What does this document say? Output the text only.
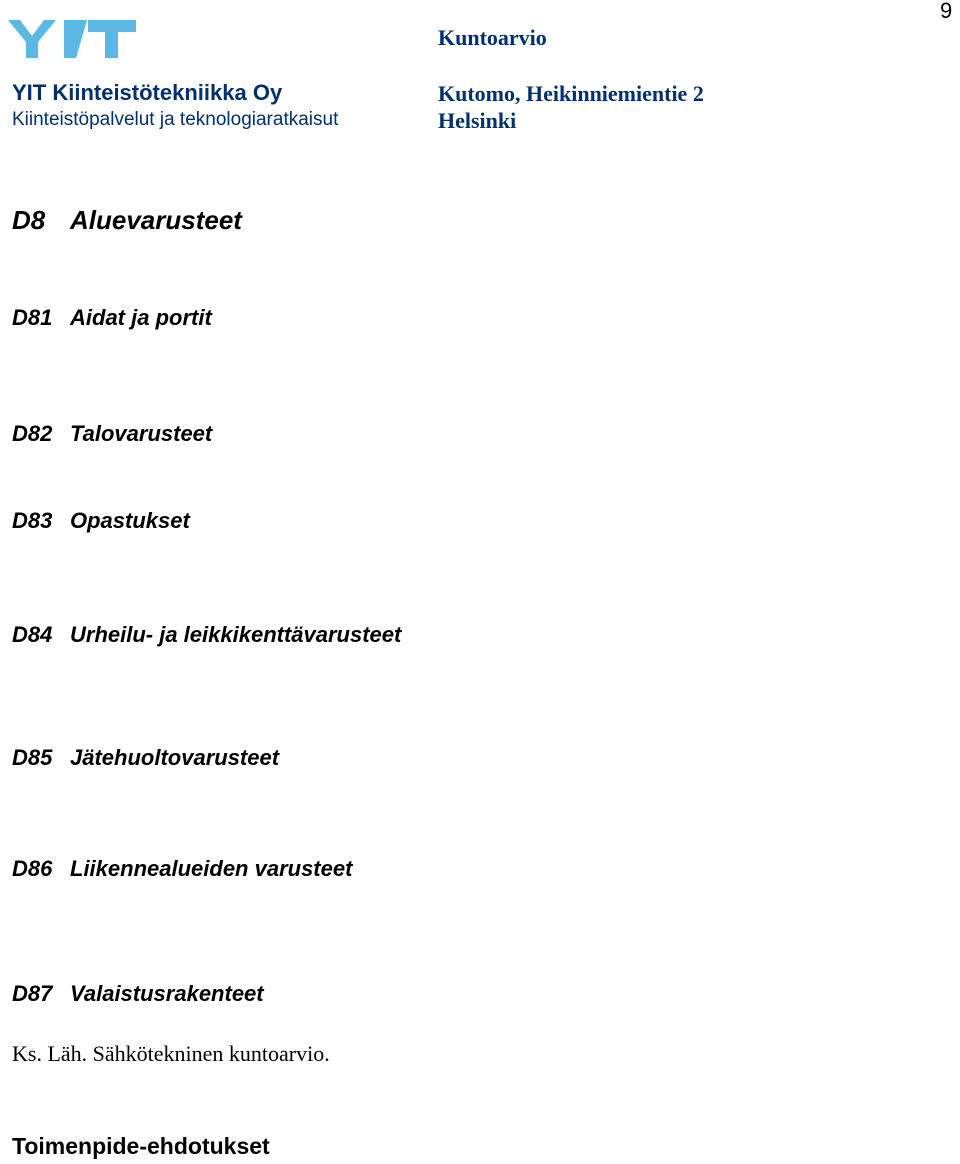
9
YIT Kiinteistötekniikka Oy
Kiinteistöpalvelut ja teknologiaratkaisut
Kuntoarvio
Kutomo, Heikinniemientie 2
Helsinki
D8 Aluevarusteet
D81 Aidat ja portit
D82 Talovarusteet
D83 Opastukset
D84 Urheilu- ja leikkikenttävarusteet
D85 Jätehuoltovarusteet
D86 Liikennealueiden varusteet
D87 Valaistusrakenteet
Ks. Läh. Sähkötekninen kuntoarvio.
Toimenpide-ehdotukset
